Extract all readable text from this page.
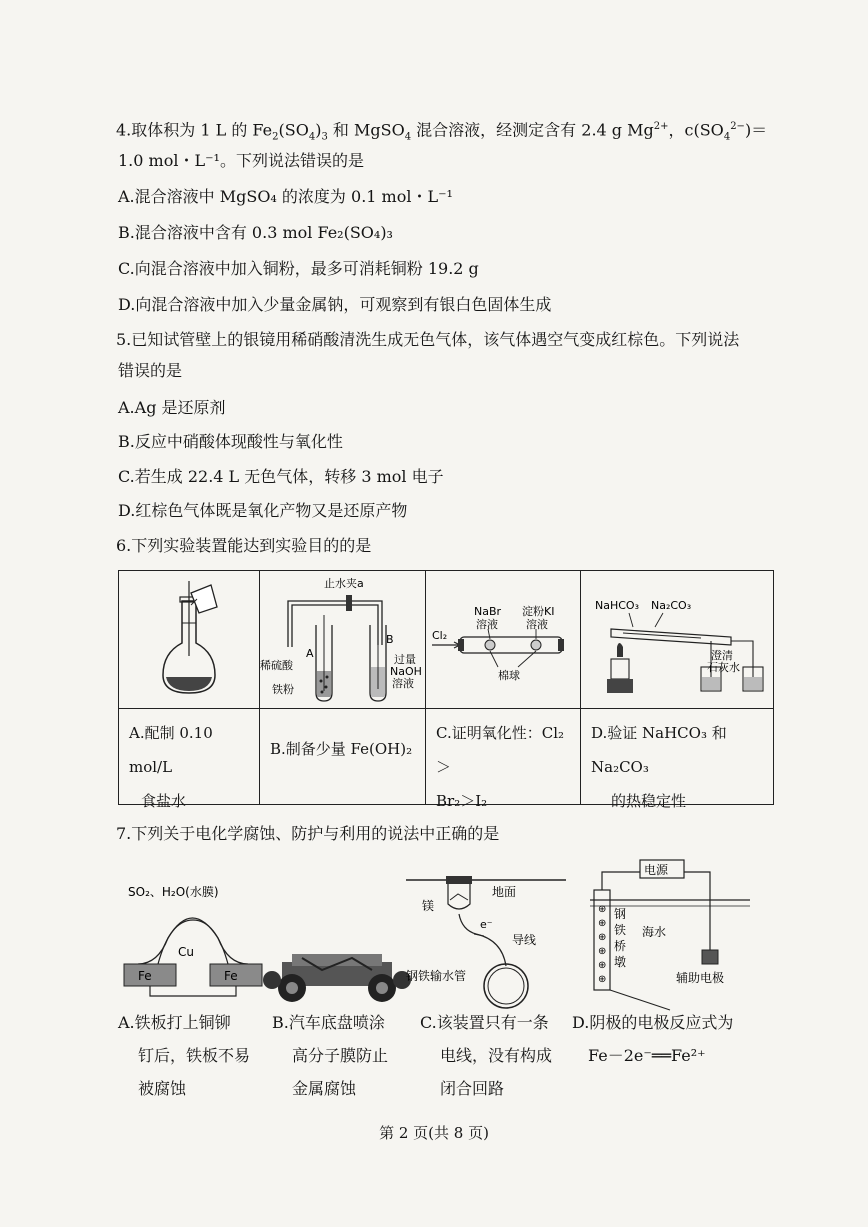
4.取体积为 1 L 的 $Fe_2(SO_4)_3$ 和 MgSO$_4$ 混合溶液，经测定含有 2.4 g $Mg^{2+}$，$c(SO_4^{2-})=$
1.0 mol・L⁻¹。下列说法错误的是
A.混合溶液中 MgSO₄ 的浓度为 0.1 mol・L⁻¹
B.混合溶液中含有 0.3 mol Fe₂(SO₄)₃
C.向混合溶液中加入铜粉，最多可消耗铜粉 19.2 g
D.向混合溶液中加入少量金属钠，可观察到有银白色固体生成
5.已知试管壁上的银镜用稀硝酸清洗生成无色气体，该气体遇空气变成红棕色。下列说法
错误的是
A.Ag 是还原剂
B.反应中硝酸体现酸性与氧化性
C.若生成 22.4 L 无色气体，转移 3 mol 电子
D.红棕色气体既是氧化产物又是还原产物
6.下列实验装置能达到实验目的的是
止水夹a
A
B
稀硫酸
铁粉
过量
NaOH
溶液
NaBr
溶液
淀粉KI
溶液
Cl₂
棉球
NaHCO₃ Na₂CO₃
澄清
石灰水
A.配制 0.10 mol/L
食盐水
B.制备少量 Fe(OH)₂
C.证明氧化性：Cl₂＞
Br₂＞I₂
D.验证 NaHCO₃ 和 Na₂CO₃
的热稳定性
7.下列关于电化学腐蚀、防护与利用的说法中正确的是
SO₂、H₂O(水膜)
Cu
Fe	Fe
地面
镁
e⁻
导线
钢铁输水管
电源
⊕
⊕
⊕
⊕
⊕
⊕
钢
铁
桥
墩
海水
辅助电极
A.铁板打上铜铆
钉后，铁板不易
被腐蚀
B.汽车底盘喷涂
高分子膜防止
金属腐蚀
C.该装置只有一条
电线，没有构成
闭合回路
D.阴极的电极反应式为
Fe－2e⁻══Fe²⁺
第 2 页(共 8 页)
